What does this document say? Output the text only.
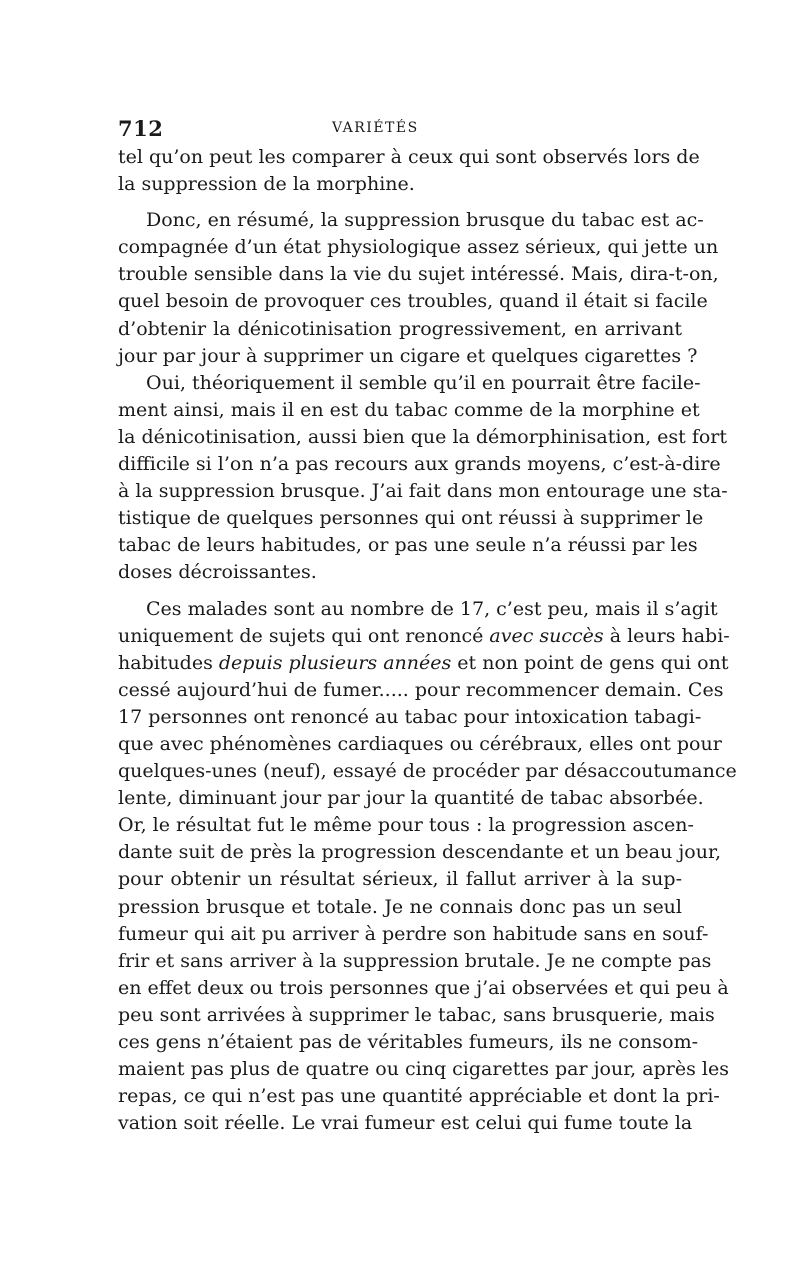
712	VARIÉTÉS
tel qu’on peut les comparer à ceux qui sont observés lors de
la suppression de la morphine.
Donc, en résumé, la suppression brusque du tabac est ac-
compagnée d’un état physiologique assez sérieux, qui jette un
trouble sensible dans la vie du sujet intéressé. Mais, dira-t-on,
quel besoin de provoquer ces troubles, quand il était si facile
d’obtenir la dénicotinisation progressivement, en arrivant
jour par jour à supprimer un cigare et quelques cigarettes ?
Oui, théoriquement il semble qu’il en pourrait être facile-
ment ainsi, mais il en est du tabac comme de la morphine et
la dénicotinisation, aussi bien que la démorphinisation, est fort
difficile si l’on n’a pas recours aux grands moyens, c’est-à-dire
à la suppression brusque. J’ai fait dans mon entourage une sta-
tistique de quelques personnes qui ont réussi à supprimer le
tabac de leurs habitudes, or pas une seule n’a réussi par les
doses décroissantes.
Ces malades sont au nombre de 17, c’est peu, mais il s’agit
uniquement de sujets qui ont renoncé avec succès à leurs habi-
habitudes depuis plusieurs années et non point de gens qui ont
cessé aujourd’hui de fumer..... pour recommencer demain. Ces
17 personnes ont renoncé au tabac pour intoxication tabagi-
que avec phénomènes cardiaques ou cérébraux, elles ont pour
quelques-unes (neuf), essayé de procéder par désaccoutumance
lente, diminuant jour par jour la quantité de tabac absorbée.
Or, le résultat fut le même pour tous : la progression ascen-
dante suit de près la progression descendante et un beau jour,
pour obtenir un résultat sérieux, il fallut arriver à la sup-
pression brusque et totale. Je ne connais donc pas un seul
fumeur qui ait pu arriver à perdre son habitude sans en souf-
frir et sans arriver à la suppression brutale. Je ne compte pas
en effet deux ou trois personnes que j’ai observées et qui peu à
peu sont arrivées à supprimer le tabac, sans brusquerie, mais
ces gens n’étaient pas de véritables fumeurs, ils ne consom-
maient pas plus de quatre ou cinq cigarettes par jour, après les
repas, ce qui n’est pas une quantité appréciable et dont la pri-
vation soit réelle. Le vrai fumeur est celui qui fume toute la
